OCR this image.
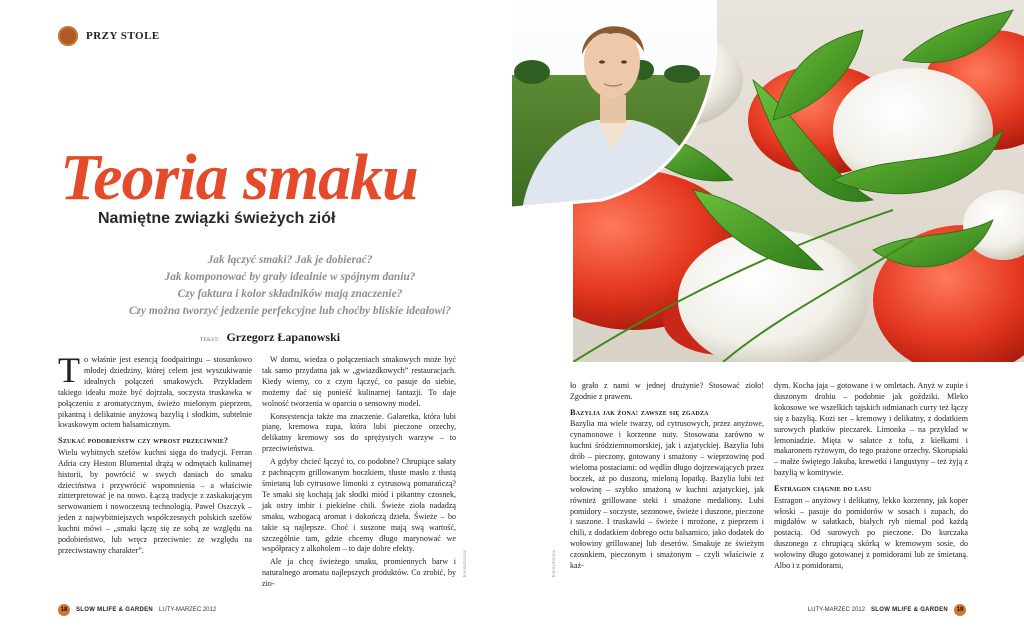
PRZY STOLE
Teoria smaku
Namiętne związki świeżych ziół
Jak łączyć smaki? Jak je dobierać?
Jak komponować by grały idealnie w spójnym daniu?
Czy faktura i kolor składników mają znaczenie?
Czy można tworzyć jedzenie perfekcyjne lub choćby bliskie ideałowi?
TEKST: Grzegorz Łapanowski

To właśnie jest esencją foodpairingu – stosunkowo młodej dziedziny, której celem jest wyszukiwanie idealnych połączeń smakowych. Przykładem takiego ideału może być dojrzała, soczysta truskawka w połączeniu z aromatycznym, świeżo mielonym pieprzem, pikantną i delikatnie anyżową bazylią i słodkim, subtelnie kwaskowym octem balsamicznym.

Szukać podobieństw czy wprost przeciwnie?

Wielu wybitnych szefów kuchni sięga do tradycji. Ferran Adria czy Heston Blumental drążą w odmętach kulinarnej historii, by powrócić w swych daniach do smaku dzieciństwa i przywrócić wspomnienia – a właściwie zinterpretować je na nowo. Łączą tradycje z zaskakującym serwowaniem i nowoczesną technologią. Paweł Oszczyk – jeden z najwybitniejszych współczesnych polskich szefów kuchni mówi – „smaki łączę się ze sobą ze względu na podobieństwo, lub wręcz przeciwnie: ze względu na przeciwstawny charakter”.

W domu, wiedza o połączeniach smakowych może być tak samo przydatna jak w „gwiazdkowych” restauracjach. Kiedy wiemy, co z czym łączyć, co pasuje do siebie, możemy dać się ponieść kulinarnej fantazji. To daje wolność tworzenia w oparciu o sensowny model.

Konsystencja także ma znaczenie. Galaretka, która lubi pianę, kremowa zupa, która lubi pieczone orzechy, delikatny kremowy sos do sprężystych warzyw – to przeciwieństwa.

A gdyby chcieć łączyć to, co podobne? Chrupiące sałaty z pachnącym grillowanym boczkiem, tłuste masło z tłustą śmietaną lub cytrusowe limonki z cytrusową pomarańczą? Te smaki się kochają jak słodki miód i pikantny czosnek, jak ostry imbir i piekielne chili. Świeże zioła nadadzą smaku, wzbogacą aromat i dokończą dzieła. Świeże – bo takie są najlepsze. Choć i suszone mają swą wartość, szczególnie tam, gdzie chcemy długo marynować we współpracy z alkoholem – to daje dobre efekty.

Ale ja chcę świeżego smaku, promiennych barw i naturalnego aromatu najlepszych produktów. Co zrobić, by zio-

fotolia/fotolia	fotolia/fotolia

ło grało z nami w jednej drużynie? Stosować zioło! Zgodnie z prawem.

Bazylia jak żona: zawsze się zgadza

Bazylia ma wiele twarzy, od cytrusowych, przez anyżowe, cynamonowe i korzenne nuty. Stosowana zarówno w kuchni śródziemnomorskiej, jak i azjatyckiej. Bazylia lubi drób – pieczony, gotowany i smażony – wieprzowinę pod wieloma postaciami: od wędlin długo dojrzewających przez boczek, aż po duszoną, mieloną łopatkę. Bazylia lubi też wołowinę – szybko smażoną w kuchni azjatyckiej, jak również grillowane steki i smażone medaliony. Lubi pomidory – soczyste, sezonowe, świeże i duszone, pieczone i suszone. I truskawki – świeże i mrożone, z pieprzem i chili, z dodatkiem dobrego octu balsamico, jako dodatek do wołowiny grillowanej lub deserów. Smakuje ze świeżym czosnkiem, pieczonym i smażonym – czyli właściwie z każ-

dym. Kocha jaja – gotowane i w omletach. Anyż w zupie i duszonym drobiu – podobnie jak goździki. Mleko kokosowe we wszelkich tajskich odmianach curry też łączy się z bazylią. Kozi ser – kremowy i delikatny, z dodatkiem surowych płatków pieczarek. Limonka – na przykład w lemoniadzie. Mięta w sałatce z tofu, z kiełkami i makaronem ryżowym, do tego prażone orzechy. Skorupiaki – małże świętego Jakuba, krewetki i langustyny – też żyją z bazylią w komitywie.

Estragon ciągnie do lasu

Estragon – anyżowy i delikatny, lekko korzenny, jak koper włoski – pasuje do pomidorów w sosach i zupach, do migdałów w sałatkach, białych ryb niemal pod każdą postacią. Od surowych po pieczone. Do kurczaka duszonego z chrupiącą skórką w kremowym sosie, do wołowiny długo gotowanej z pomidorami lub ze śmietaną. Albo i z pomidorami,

18	SLOW MLIFE & GARDEN LUTY-MARZEC 2012	LUTY-MARZEC 2012 SLOW MLIFE & GARDEN	19
